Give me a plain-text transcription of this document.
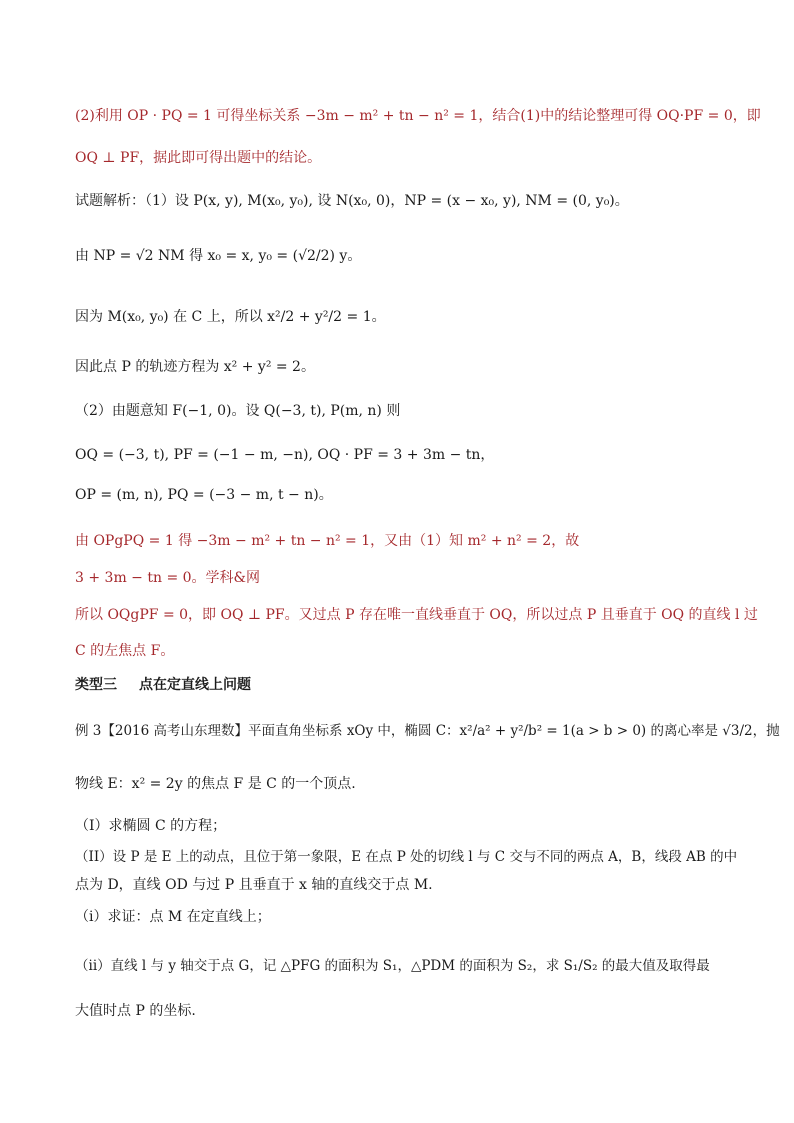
(2)利用 OP · PQ = 1 可得坐标关系 −3m − m² + tn − n² = 1，结合(1)中的结论整理可得 OQ·PF = 0，即
OQ ⊥ PF，据此即可得出题中的结论。
试题解析：（1）设 P(x, y), M(x₀, y₀), 设 N(x₀, 0)，NP = (x − x₀, y), NM = (0, y₀)。
由 NP = √2 NM 得 x₀ = x, y₀ = (√2/2) y。
因为 M(x₀, y₀) 在 C 上，所以 x²/2 + y²/2 = 1。
因此点 P 的轨迹方程为 x² + y² = 2。
（2）由题意知 F(−1, 0)。设 Q(−3, t), P(m, n) 则
OQ = (−3, t), PF = (−1 − m, −n), OQ · PF = 3 + 3m − tn，
OP = (m, n), PQ = (−3 − m, t − n)。
由 OPgPQ = 1 得 −3m − m² + tn − n² = 1，又由（1）知 m² + n² = 2，故
3 + 3m − tn = 0。学科&网
所以 OQgPF = 0，即 OQ ⊥ PF。又过点 P 存在唯一直线垂直于 OQ，所以过点 P 且垂直于 OQ 的直线 l 过
C 的左焦点 F。
类型三 点在定直线上问题
例 3【2016 高考山东理数】平面直角坐标系 xOy 中，椭圆 C：x²/a² + y²/b² = 1(a > b > 0) 的离心率是 √3/2，抛
物线 E：x² = 2y 的焦点 F 是 C 的一个顶点.
（I）求椭圆 C 的方程；
（II）设 P 是 E 上的动点，且位于第一象限，E 在点 P 处的切线 l 与 C 交与不同的两点 A，B，线段 AB 的中
点为 D，直线 OD 与过 P 且垂直于 x 轴的直线交于点 M.
（i）求证：点 M 在定直线上；
（ii）直线 l 与 y 轴交于点 G，记 △PFG 的面积为 S₁，△PDM 的面积为 S₂，求 S₁/S₂ 的最大值及取得最
大值时点 P 的坐标.
